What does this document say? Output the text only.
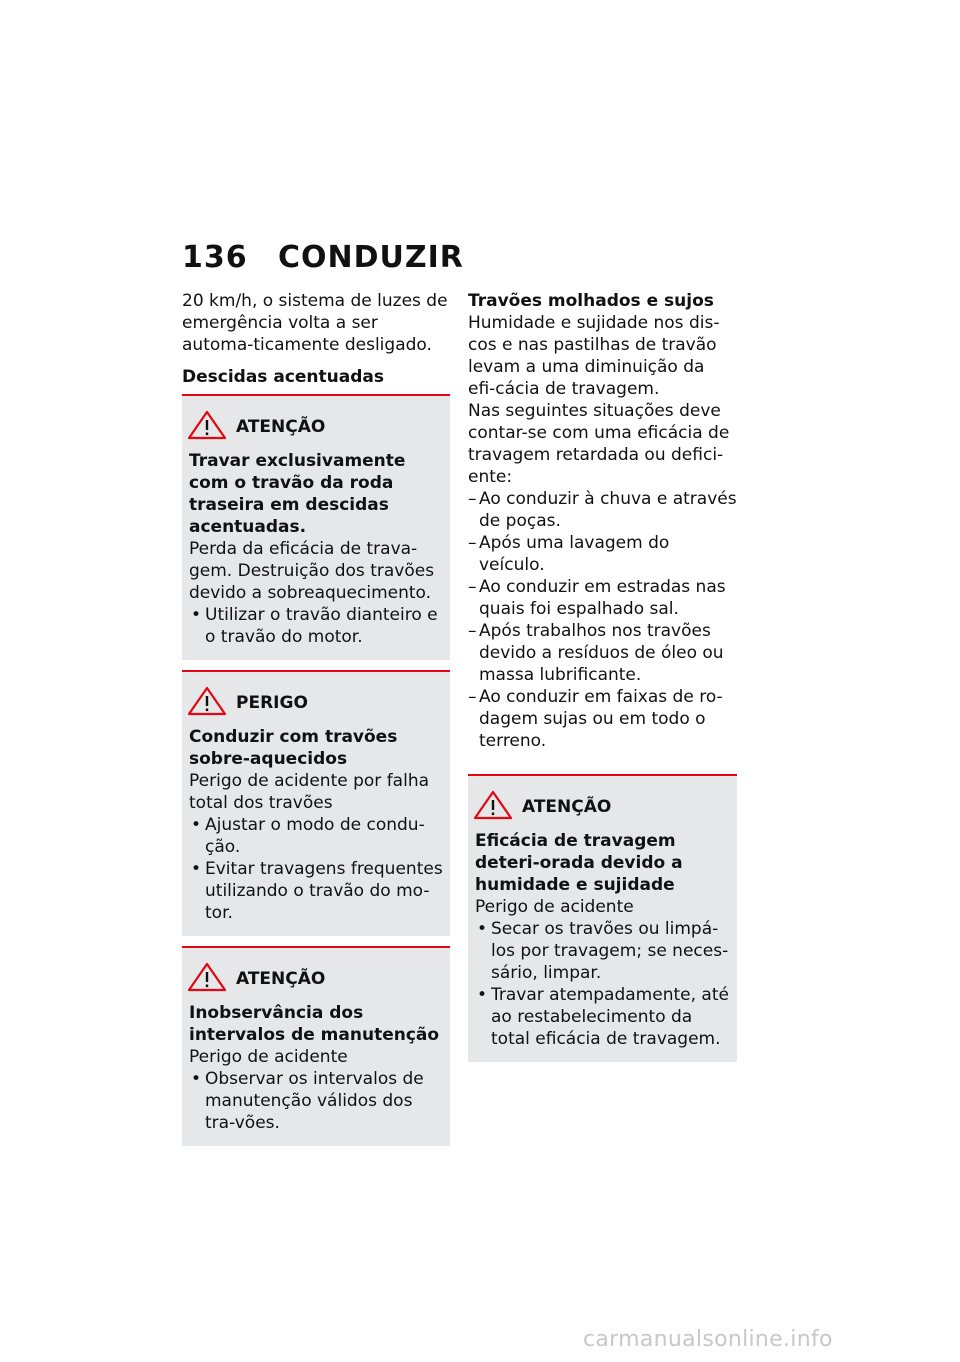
136	CONDUZIR

20 km/h, o sistema de luzes de emergência volta a ser automa-ticamente desligado.

Descidas acentuadas

ATENÇÃO

Travar exclusivamente com o travão da roda traseira em descidas acentuadas.

Perda da eficácia de trava-gem. Destruição dos travões devido a sobreaquecimento.

• Utilizar o travão dianteiro e o travão do motor.
PERIGO

Conduzir com travões sobre-aquecidos

Perigo de acidente por falha total dos travões

• Ajustar o modo de condu-ção.
• Evitar travagens frequentes utilizando o travão do mo-tor.
ATENÇÃO

Inobservância dos intervalos de manutenção

Perigo de acidente

• Observar os intervalos de manutenção válidos dos tra-vões.

Travões molhados e sujos

Humidade e sujidade nos dis-cos e nas pastilhas de travão levam a uma diminuição da efi-cácia de travagem.

Nas seguintes situações deve contar-se com uma eficácia de travagem retardada ou defici-ente:

– Ao conduzir à chuva e através de poças.
– Após uma lavagem do veículo.
– Ao conduzir em estradas nas quais foi espalhado sal.
– Após trabalhos nos travões devido a resíduos de óleo ou massa lubrificante.
– Ao conduzir em faixas de ro-dagem sujas ou em todo o terreno.
ATENÇÃO

Eficácia de travagem deteri-orada devido a humidade e sujidade

Perigo de acidente

• Secar os travões ou limpá-los por travagem; se neces-sário, limpar.
• Travar atempadamente, até ao restabelecimento da total eficácia de travagem.
carmanualsonline.info
